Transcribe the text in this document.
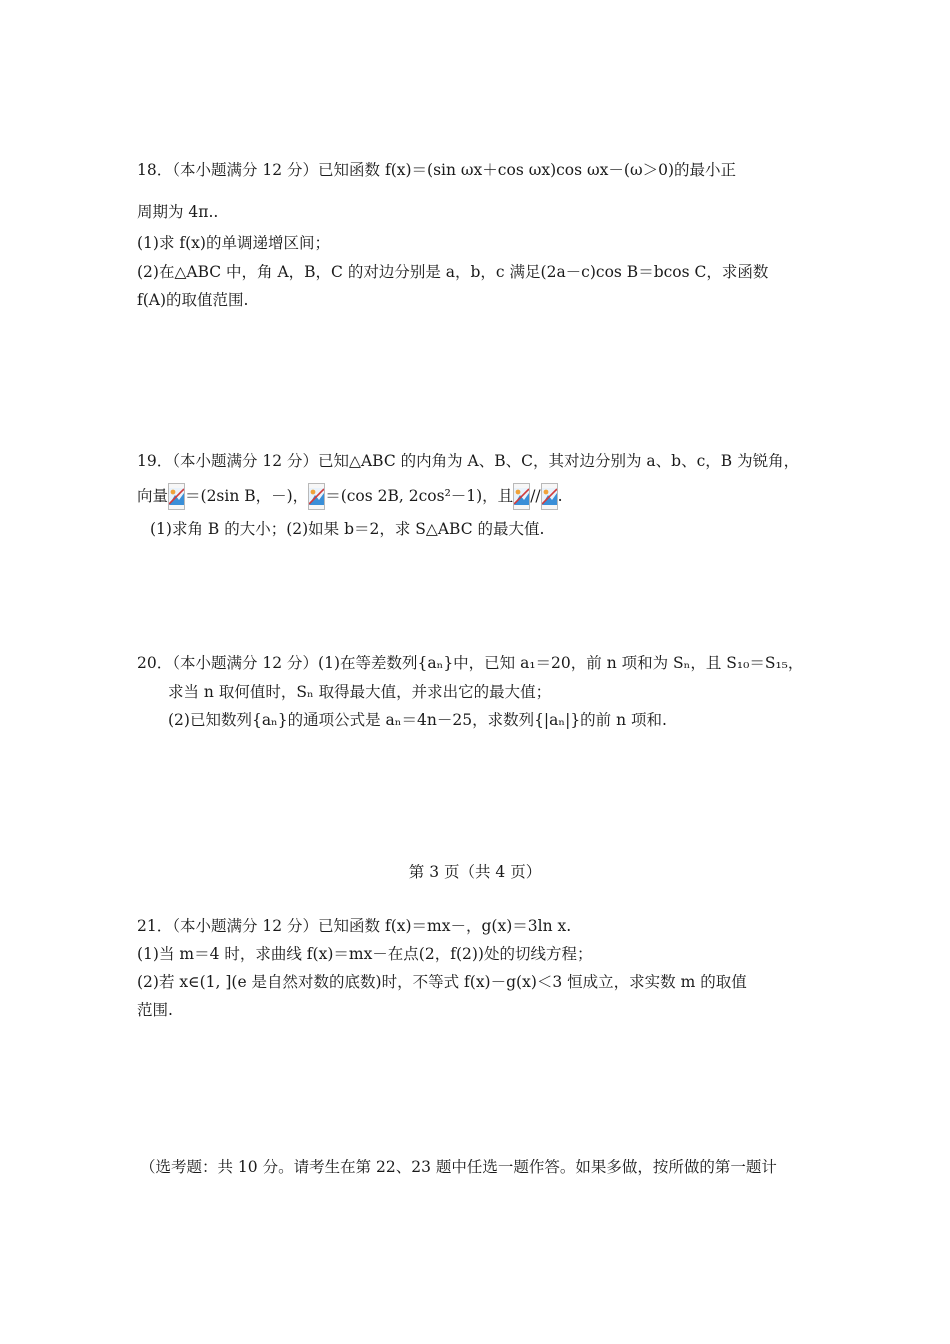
18．（本小题满分 12 分）已知函数 f(x)＝(sin ωx＋cos ωx)cos ωx－(ω＞0)的最小正
周期为 4π..
(1)求 f(x)的单调递增区间；
(2)在△ABC 中，角 A，B，C 的对边分别是 a，b，c 满足(2a－c)cos B＝bcos C，求函数
f(A)的取值范围.
19．（本小题满分 12 分）已知△ABC 的内角为 A、B、C，其对边分别为 a、b、c，B 为锐角，
向量 ＝(2sin B，－)， ＝(cos 2B, 2cos²－1)，且 // .
(1)求角 B 的大小；(2)如果 b＝2，求 S△ABC 的最大值.
20．（本小题满分 12 分）(1)在等差数列{aₙ}中，已知 a₁＝20，前 n 项和为 Sₙ，且 S₁₀＝S₁₅，
求当 n 取何值时，Sₙ 取得最大值，并求出它的最大值；
(2)已知数列{aₙ}的通项公式是 aₙ＝4n－25，求数列{|aₙ|}的前 n 项和.
第 3 页（共 4 页）
21．（本小题满分 12 分）已知函数 f(x)＝mx－，g(x)＝3ln x.
(1)当 m＝4 时，求曲线 f(x)＝mx－在点(2，f(2))处的切线方程；
(2)若 x∈(1, ](e 是自然对数的底数)时，不等式 f(x)－g(x)＜3 恒成立，求实数 m 的取值
范围.
（选考题：共 10 分。请考生在第 22、23 题中任选一题作答。如果多做，按所做的第一题计
